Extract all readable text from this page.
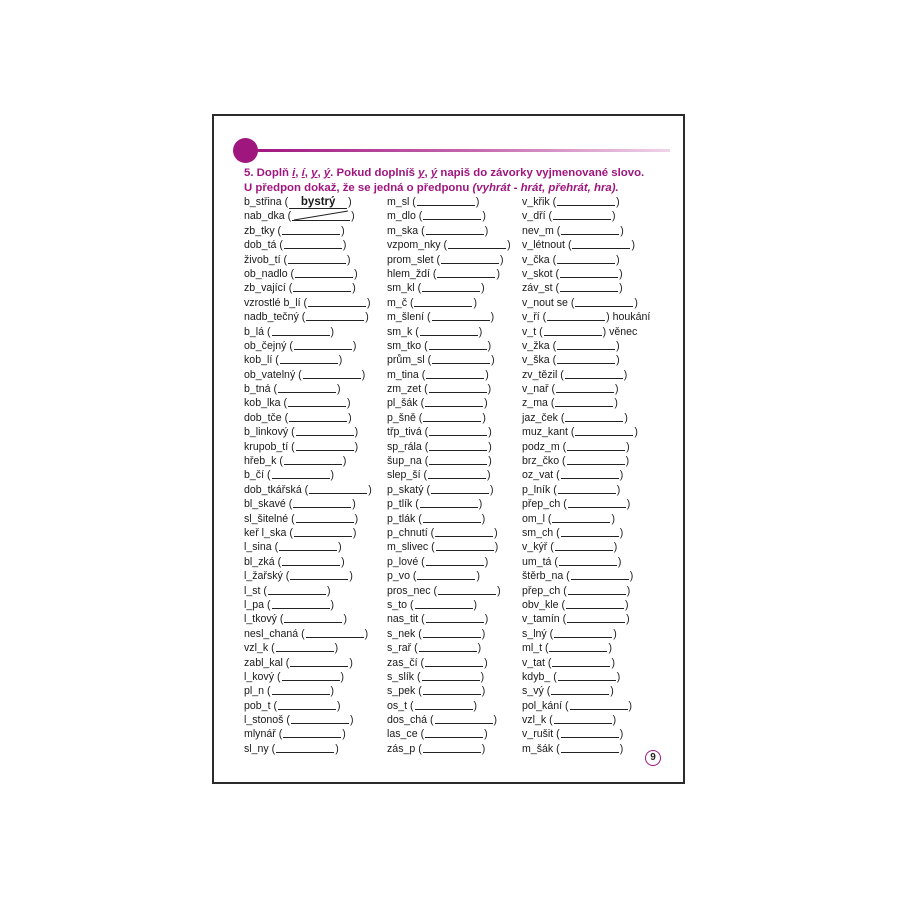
5. Doplň i, í, y, ý. Pokud doplníš y, ý napiš do závorky vyjmenované slovo.
U předpon dokaž, že se jedná o předponu (vyhrát - hrát, přehrát, hra).
b_střina ( bystrý )
nab_dka (	)
zb_tky (	)
dob_tá (	)
živob_tí (	)
ob_nadlo (	)
zb_vající (	)
vzrostlé b_lí (	)
nadb_tečný (	)
b_lá (	)
ob_čejný (	)
kob_lí (	)
ob_vatelný (	)
b_tná (	)
kob_lka (	)
dob_tče (	)
b_linkový (	)
krupob_tí (	)
hřeb_k (	)
b_čí (	)
dob_tkářská (	)
bl_skavé (	)
sl_šitelné (	)
keř l_ska (	)
l_sina (	)
bl_zká (	)
l_žařský (	)
l_st (	)
l_pa (	)
l_tkový (	)
nesl_chaná (	)
vzl_k (	)
zabl_kal (	)
l_kový (	)
pl_n (	)
pob_t (	)
l_stonoš (	)
mlynář (	)
sl_ny (	)
m_sl (	)
m_dlo (	)
m_ska (	)
vzpom_nky (	)
prom_slet (	)
hlem_ždí (	)
sm_kl (	)
m_č (	)
m_šlení (	)
sm_k (	)
sm_tko (	)
prům_sl (	)
m_tina (	)
zm_zet (	)
pl_šák (	)
p_šně (	)
třp_tivá (	)
sp_rála (	)
šup_na (	)
slep_ší (	)
p_skatý (	)
p_tlík (	)
p_tlák (	)
p_chnutí (	)
m_slivec (	)
p_lové (	)
p_vo (	)
pros_nec (	)
s_to (	)
nas_tit (	)
s_nek (	)
s_rař (	)
zas_čí (	)
s_slík (	)
s_pek (	)
os_t (	)
dos_chá (	)
las_ce (	)
zás_p (	)
v_křik (	)
v_dří (	)
nev_m (	)
v_létnout (	)
v_čka (	)
v_skot (	)
záv_st (	)
v_nout se (	)
v_ří (	) houkání
v_t (	) věnec
v_žka (	)
v_ška (	)
zv_tězil (	)
v_nař (	)
z_ma (	)
jaz_ček (	)
muz_kant (	)
podz_m (	)
brz_čko (	)
oz_vat (	)
p_lník (	)
přep_ch (	)
om_l (	)
sm_ch (	)
v_kýř (	)
um_tá (	)
štěrb_na (	)
přep_ch (	)
obv_kle (	)
v_tamín (	)
s_lný (	)
ml_t (	)
v_tat (	)
kdyb_ (	)
s_vý (	)
pol_kání (	)
vzl_k (	)
v_rušit (	)
m_šák (	)
9
